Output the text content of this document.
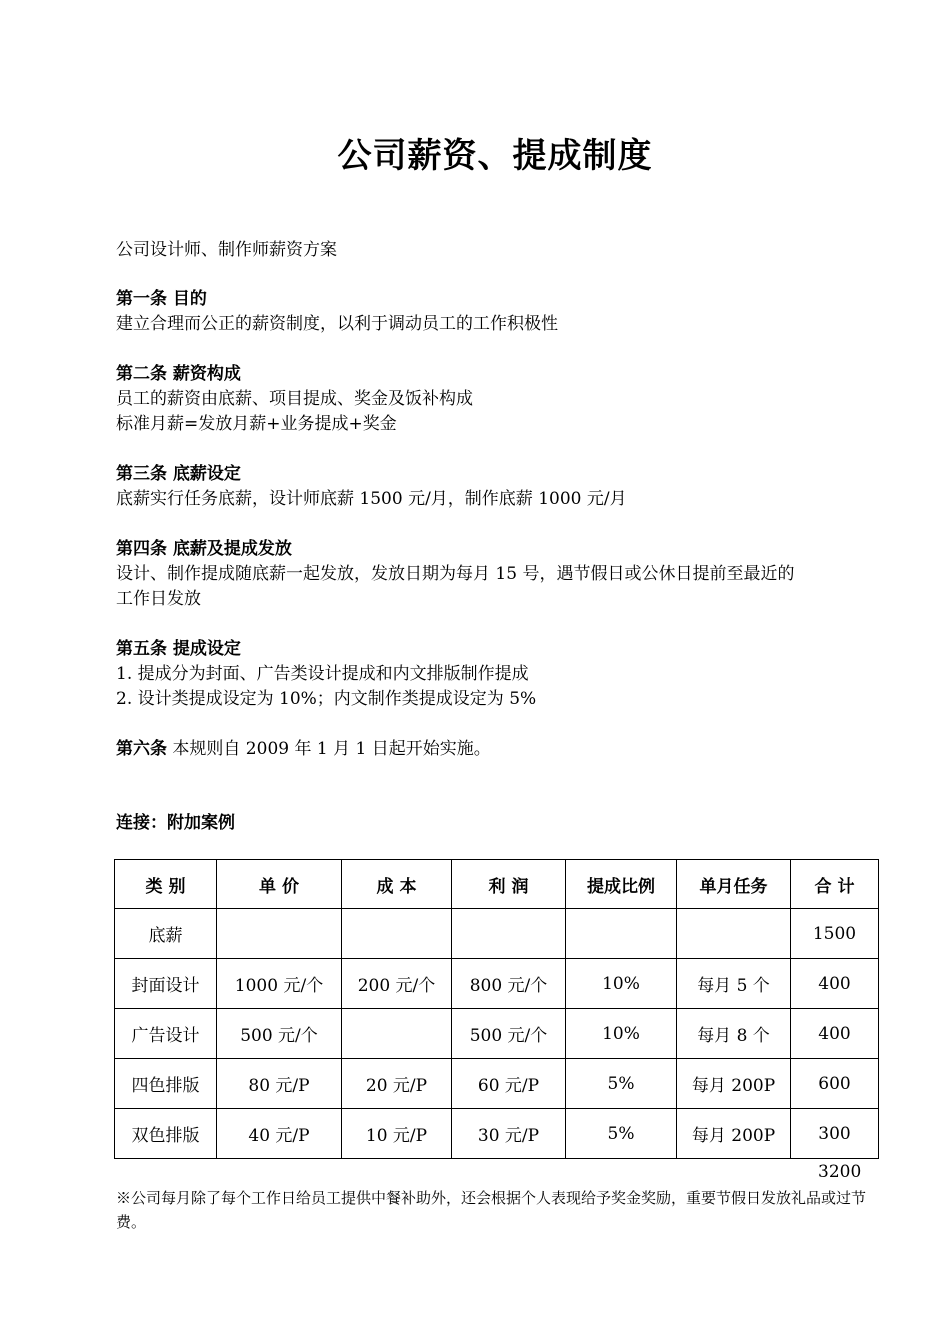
公司薪资、提成制度
公司设计师、制作师薪资方案
第一条 目的
建立合理而公正的薪资制度，以利于调动员工的工作积极性
第二条 薪资构成
员工的薪资由底薪、项目提成、奖金及饭补构成
标准月薪=发放月薪+业务提成+奖金
第三条 底薪设定
底薪实行任务底薪，设计师底薪 1500 元/月，制作底薪 1000 元/月
第四条 底薪及提成发放
设计、制作提成随底薪一起发放，发放日期为每月 15 号，遇节假日或公休日提前至最近的
工作日发放
第五条 提成设定
1. 提成分为封面、广告类设计提成和内文排版制作提成
2. 设计类提成设定为 10%；内文制作类提成设定为 5%
第六条 本规则自 2009 年 1 月 1 日起开始实施。
连接：附加案例
类 别	单 价	成 本	利 润	提成比例	单月任务	合 计
底薪						1500
封面设计	1000 元/个	200 元/个	800 元/个	10%	每月 5 个	400
广告设计	500 元/个		500 元/个	10%	每月 8 个	400
四色排版	80 元/P	20 元/P	60 元/P	5%	每月 200P	600
双色排版	40 元/P	10 元/P	30 元/P	5%	每月 200P	300
3200
※公司每月除了每个工作日给员工提供中餐补助外，还会根据个人表现给予奖金奖励，重要节假日发放礼品或过节费。
